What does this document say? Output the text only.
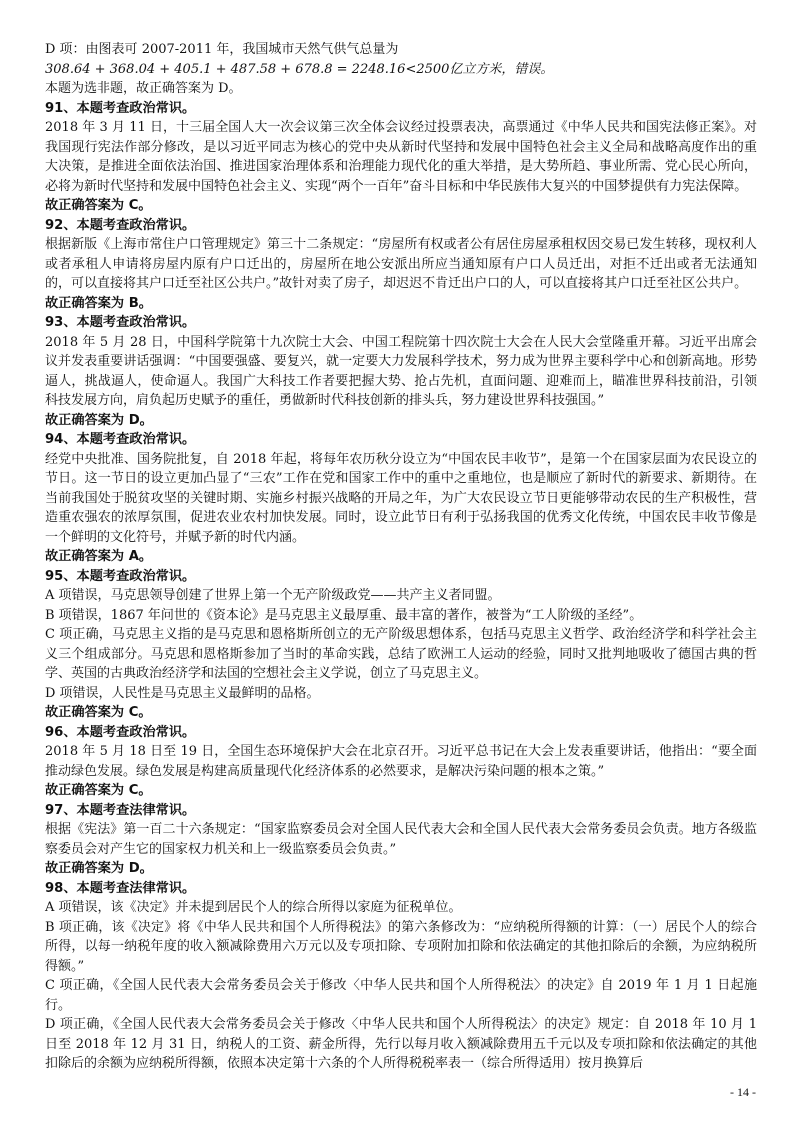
D 项：由图表可 2007-2011 年，我国城市天然气供气总量为
308.64 + 368.04 + 405.1 + 487.58 + 678.8 = 2248.16<2500亿立方米，错误。
本题为选非题，故正确答案为 D。
91、本题考查政治常识。
2018 年 3 月 11 日，十三届全国人大一次会议第三次全体会议经过投票表决，高票通过《中华人民共和国宪法修正案》。对我国现行宪法作部分修改，是以习近平同志为核心的党中央从新时代坚持和发展中国特色社会主义全局和战略高度作出的重大决策，是推进全面依法治国、推进国家治理体系和治理能力现代化的重大举措，是大势所趋、事业所需、党心民心所向，必将为新时代坚持和发展中国特色社会主义、实现“两个一百年”奋斗目标和中华民族伟大复兴的中国梦提供有力宪法保障。
故正确答案为 C。
92、本题考查政治常识。
根据新版《上海市常住户口管理规定》第三十二条规定：“房屋所有权或者公有居住房屋承租权因交易已发生转移，现权利人或者承租人申请将房屋内原有户口迁出的，房屋所在地公安派出所应当通知原有户口人员迁出，对拒不迁出或者无法通知的，可以直接将其户口迁至社区公共户。”故针对卖了房子，却迟迟不肯迁出户口的人，可以直接将其户口迁至社区公共户。
故正确答案为 B。
93、本题考查政治常识。
2018 年 5 月 28 日，中国科学院第十九次院士大会、中国工程院第十四次院士大会在人民大会堂隆重开幕。习近平出席会议并发表重要讲话强调：“中国要强盛、要复兴，就一定要大力发展科学技术，努力成为世界主要科学中心和创新高地。形势逼人，挑战逼人，使命逼人。我国广大科技工作者要把握大势、抢占先机，直面问题、迎难而上，瞄准世界科技前沿，引领科技发展方向，肩负起历史赋予的重任，勇做新时代科技创新的排头兵，努力建设世界科技强国。”
故正确答案为 D。
94、本题考查政治常识。
经党中央批准、国务院批复，自 2018 年起，将每年农历秋分设立为“中国农民丰收节”，是第一个在国家层面为农民设立的节日。这一节日的设立更加凸显了“三农”工作在党和国家工作中的重中之重地位，也是顺应了新时代的新要求、新期待。在当前我国处于脱贫攻坚的关键时期、实施乡村振兴战略的开局之年，为广大农民设立节日更能够带动农民的生产积极性，营造重农强农的浓厚氛围，促进农业农村加快发展。同时，设立此节日有利于弘扬我国的优秀文化传统，中国农民丰收节像是一个鲜明的文化符号，并赋予新的时代内涵。
故正确答案为 A。
95、本题考查政治常识。
A 项错误，马克思领导创建了世界上第一个无产阶级政党——共产主义者同盟。
B 项错误，1867 年问世的《资本论》是马克思主义最厚重、最丰富的著作，被誉为“工人阶级的圣经”。
C 项正确，马克思主义指的是马克思和恩格斯所创立的无产阶级思想体系，包括马克思主义哲学、政治经济学和科学社会主义三个组成部分。马克思和恩格斯参加了当时的革命实践，总结了欧洲工人运动的经验，同时又批判地吸收了德国古典的哲学、英国的古典政治经济学和法国的空想社会主义学说，创立了马克思主义。
D 项错误，人民性是马克思主义最鲜明的品格。
故正确答案为 C。
96、本题考查政治常识。
2018 年 5 月 18 日至 19 日，全国生态环境保护大会在北京召开。习近平总书记在大会上发表重要讲话，他指出：“要全面推动绿色发展。绿色发展是构建高质量现代化经济体系的必然要求，是解决污染问题的根本之策。”
故正确答案为 C。
97、本题考查法律常识。
根据《宪法》第一百二十六条规定：“国家监察委员会对全国人民代表大会和全国人民代表大会常务委员会负责。地方各级监察委员会对产生它的国家权力机关和上一级监察委员会负责。”
故正确答案为 D。
98、本题考查法律常识。
A 项错误，该《决定》并未提到居民个人的综合所得以家庭为征税单位。
B 项正确，该《决定》将《中华人民共和国个人所得税法》的第六条修改为：“应纳税所得额的计算：（一）居民个人的综合所得，以每一纳税年度的收入额减除费用六万元以及专项扣除、专项附加扣除和依法确定的其他扣除后的余额，为应纳税所得额。”
C 项正确，《全国人民代表大会常务委员会关于修改〈中华人民共和国个人所得税法〉的决定》自 2019 年 1 月 1 日起施行。
D 项正确，《全国人民代表大会常务委员会关于修改〈中华人民共和国个人所得税法〉的决定》规定：自 2018 年 10 月 1 日至 2018 年 12 月 31 日，纳税人的工资、薪金所得，先行以每月收入额减除费用五千元以及专项扣除和依法确定的其他扣除后的余额为应纳税所得额，依照本决定第十六条的个人所得税税率表一（综合所得适用）按月换算后
- 14 -
